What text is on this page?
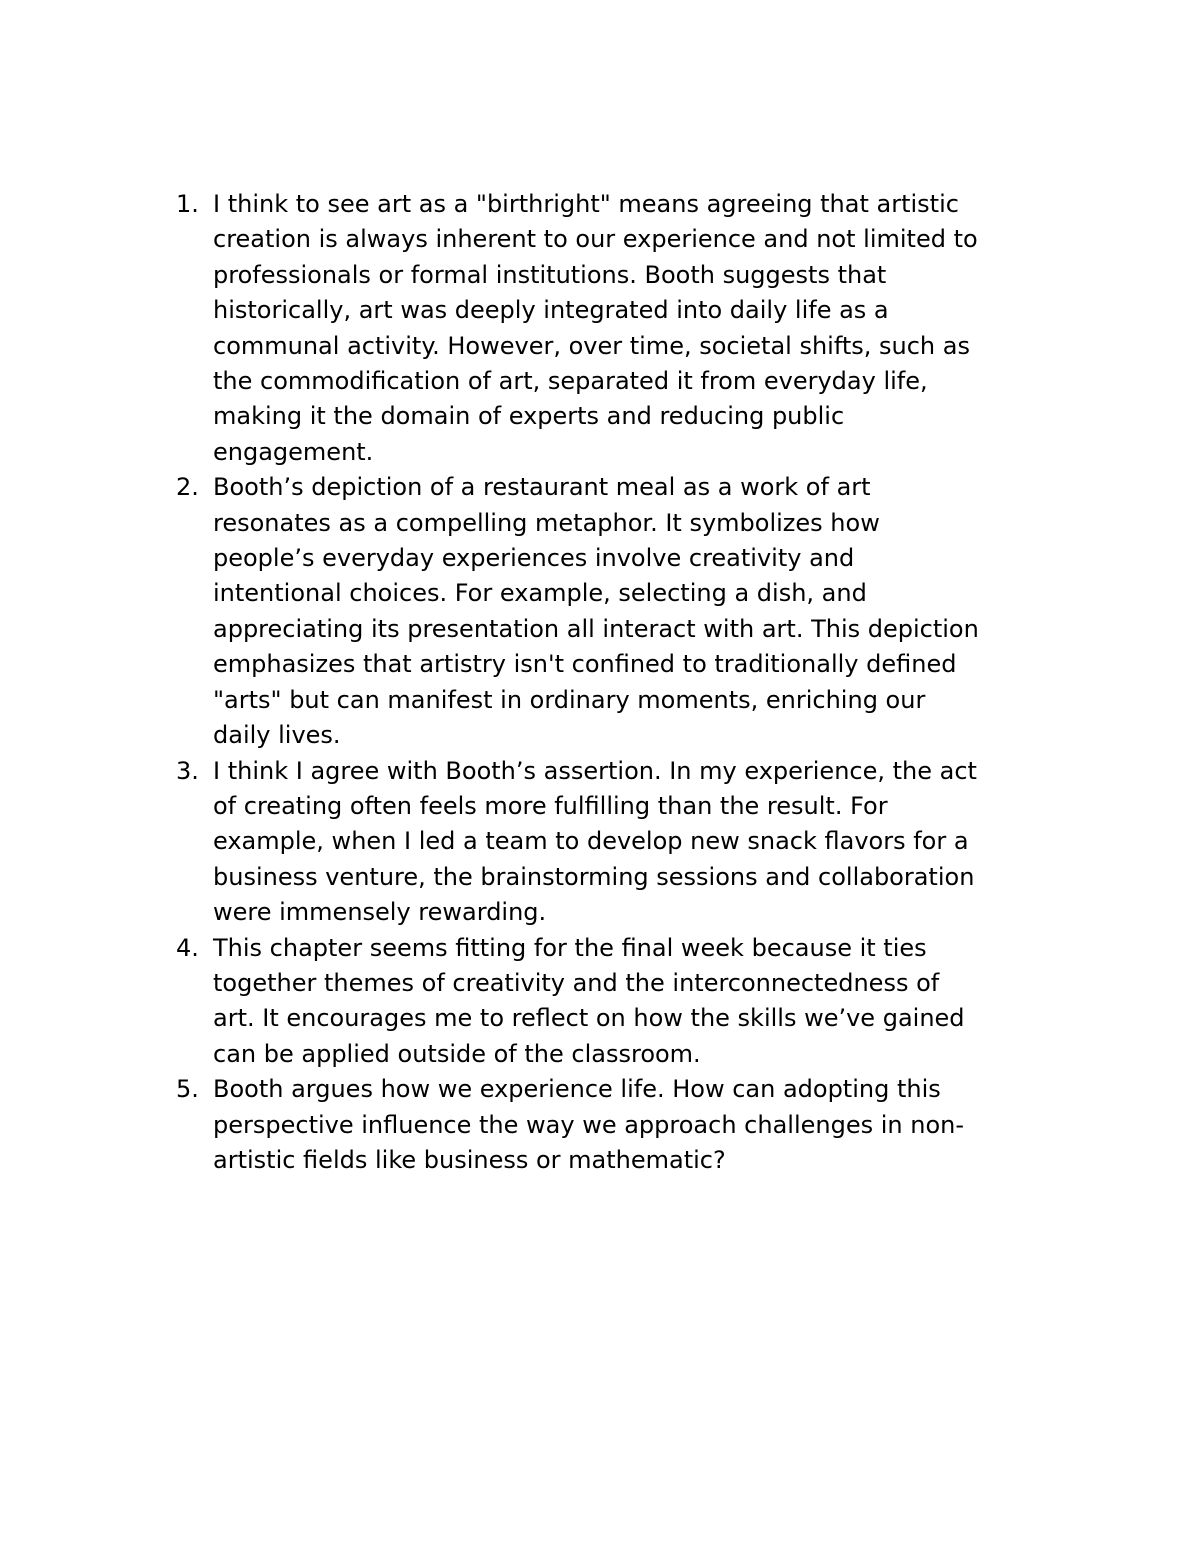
1. I think to see art as a "birthright" means agreeing that artistic
creation is always inherent to our experience and not limited to
professionals or formal institutions. Booth suggests that
historically, art was deeply integrated into daily life as a
communal activity. However, over time, societal shifts, such as
the commodification of art, separated it from everyday life,
making it the domain of experts and reducing public
engagement.
2. Booth’s depiction of a restaurant meal as a work of art
resonates as a compelling metaphor. It symbolizes how
people’s everyday experiences involve creativity and
intentional choices. For example, selecting a dish, and
appreciating its presentation all interact with art. This depiction
emphasizes that artistry isn't confined to traditionally defined
"arts" but can manifest in ordinary moments, enriching our
daily lives.
3. I think I agree with Booth’s assertion. In my experience, the act
of creating often feels more fulfilling than the result. For
example, when I led a team to develop new snack flavors for a
business venture, the brainstorming sessions and collaboration
were immensely rewarding.
4. This chapter seems fitting for the final week because it ties
together themes of creativity and the interconnectedness of
art. It encourages me to reflect on how the skills we’ve gained
can be applied outside of the classroom.
5. Booth argues how we experience life. How can adopting this
perspective influence the way we approach challenges in non-
artistic fields like business or mathematic?
